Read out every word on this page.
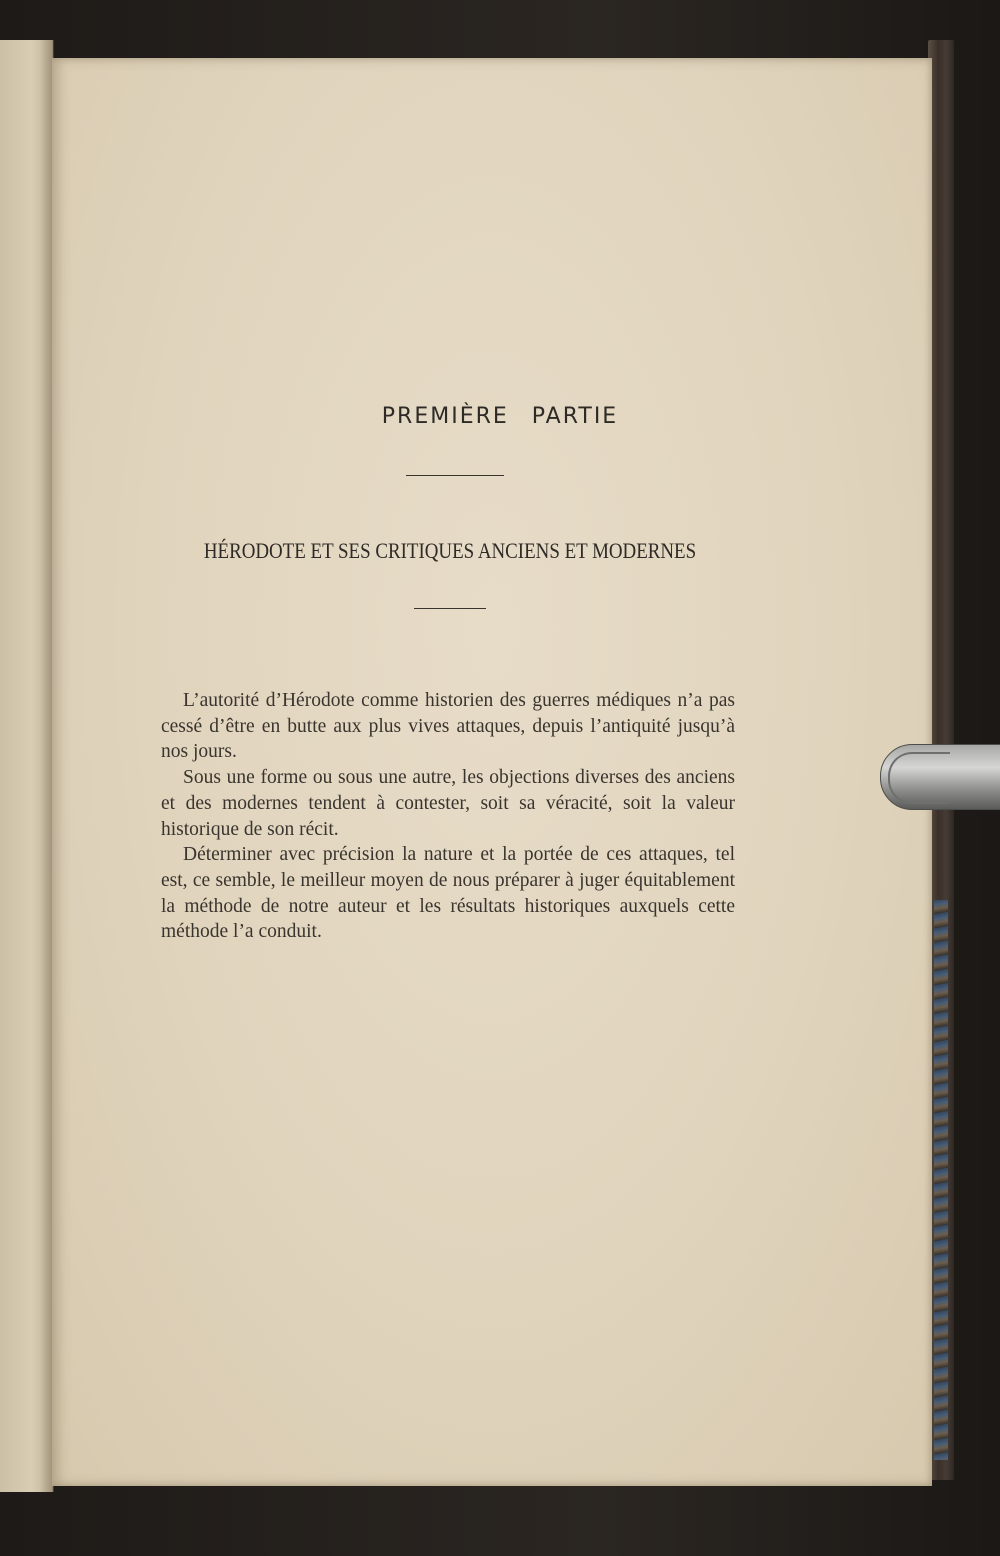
PREMIÈRE PARTIE
HÉRODOTE ET SES CRITIQUES ANCIENS ET MODERNES

L’autorité d’Hérodote comme historien des guerres médiques n’a pas cessé d’être en butte aux plus vives attaques, depuis l’antiquité jusqu’à nos jours.

Sous une forme ou sous une autre, les objections diverses des anciens et des modernes tendent à contester, soit sa véracité, soit la valeur historique de son récit.

Déterminer avec précision la nature et la portée de ces attaques, tel est, ce semble, le meilleur moyen de nous préparer à juger équitablement la méthode de notre auteur et les résultats historiques auxquels cette méthode l’a conduit.
